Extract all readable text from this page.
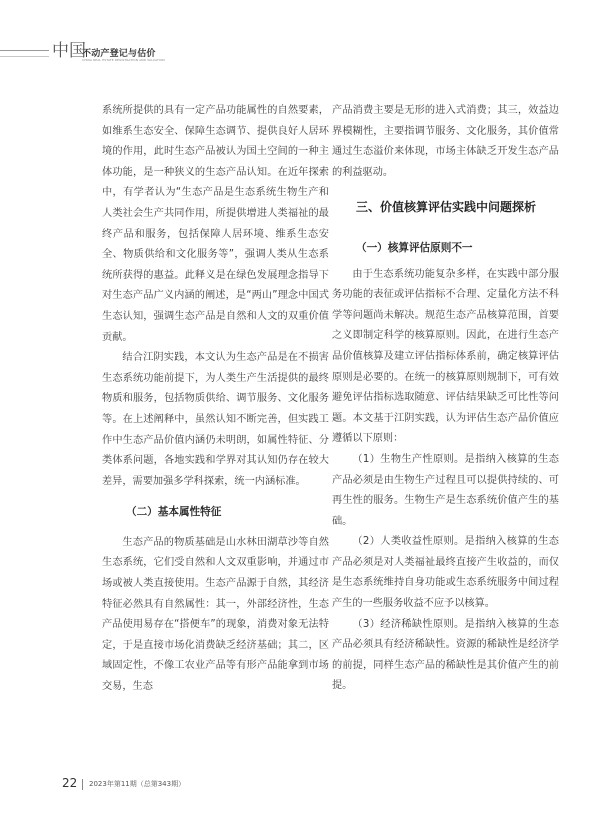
中国
不动产登记与估价
CHINA REAL ESTATE REGISTRATION AND VALUATION

系统所提供的具有一定产品功能属性的自然要素，如维系生态安全、保障生态调节、提供良好人居环境的作用，此时生态产品被认为国土空间的一种主体功能，是一种狭义的生态产品认知。在近年探索中，有学者认为“生态产品是生态系统生物生产和人类社会生产共同作用，所提供增进人类福祉的最终产品和服务，包括保障人居环境、维系生态安全、物质供给和文化服务等”，强调人类从生态系统所获得的惠益。此释义是在绿色发展理念指导下对生态产品广义内涵的阐述，是“两山”理念中国式生态认知，强调生态产品是自然和人文的双重价值贡献。

结合江阴实践，本文认为生态产品是在不损害生态系统功能前提下，为人类生产生活提供的最终物质和服务，包括物质供给、调节服务、文化服务等。在上述阐释中，虽然认知不断完善，但实践工作中生态产品价值内涵仍未明朗，如属性特征、分类体系问题，各地实践和学界对其认知仍存在较大差异，需要加强多学科探索，统一内涵标准。

（二）基本属性特征

生态产品的物质基础是山水林田湖草沙等自然生态系统，它们受自然和人文双重影响，并通过市场或被人类直接使用。生态产品源于自然，其经济特征必然具有自然属性：其一，外部经济性，生态产品使用易存在“搭便车”的现象，消费对象无法特定，于是直接市场化消费缺乏经济基础；其二，区域固定性，不像工农业产品等有形产品能拿到市场交易，生态

产品消费主要是无形的进入式消费；其三，效益边界模糊性，主要指调节服务、文化服务，其价值常通过生态溢价来体现，市场主体缺乏开发生态产品的利益驱动。

三、价值核算评估实践中问题探析

（一）核算评估原则不一

由于生态系统功能复杂多样，在实践中部分服务功能的表征或评估指标不合理、定量化方法不科学等问题尚未解决。规范生态产品核算范围，首要之义即制定科学的核算原则。因此，在进行生态产品价值核算及建立评估指标体系前，确定核算评估原则是必要的。在统一的核算原则规制下，可有效避免评估指标选取随意、评估结果缺乏可比性等问题。本文基于江阴实践，认为评估生态产品价值应遵循以下原则：

（1）生物生产性原则。是指纳入核算的生态产品必须是由生物生产过程且可以提供持续的、可再生性的服务。生物生产是生态系统价值产生的基础。

（2）人类收益性原则。是指纳入核算的生态产品必须是对人类福祉最终直接产生收益的，而仅是生态系统维持自身功能或生态系统服务中间过程产生的一些服务收益不应予以核算。

（3）经济稀缺性原则。是指纳入核算的生态产品必须具有经济稀缺性。资源的稀缺性是经济学的前提，同样生态产品的稀缺性是其价值产生的前提。

22 2023年第11期（总第343期）
